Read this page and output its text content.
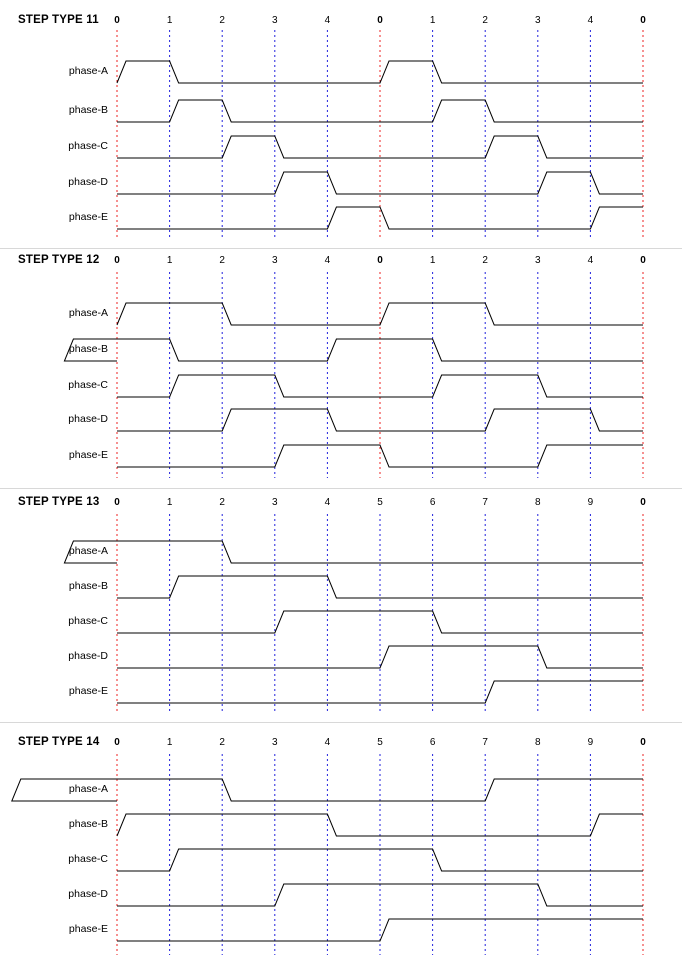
STEP TYPE 11	0	1	2	3	4	0	1	2	3	4	0
phase-A
phase-B
phase-C
phase-D
phase-E
STEP TYPE 12	0	1	2	3	4	0	1	2	3	4	0
phase-A
phase-B
phase-C
phase-D
phase-E
STEP TYPE 13	0	1	2	3	4	5	6	7	8	9	0
phase-A
phase-B
phase-C
phase-D
phase-E
STEP TYPE 14	0	1	2	3	4	5	6	7	8	9	0
phase-A
phase-B
phase-C
phase-D
phase-E
